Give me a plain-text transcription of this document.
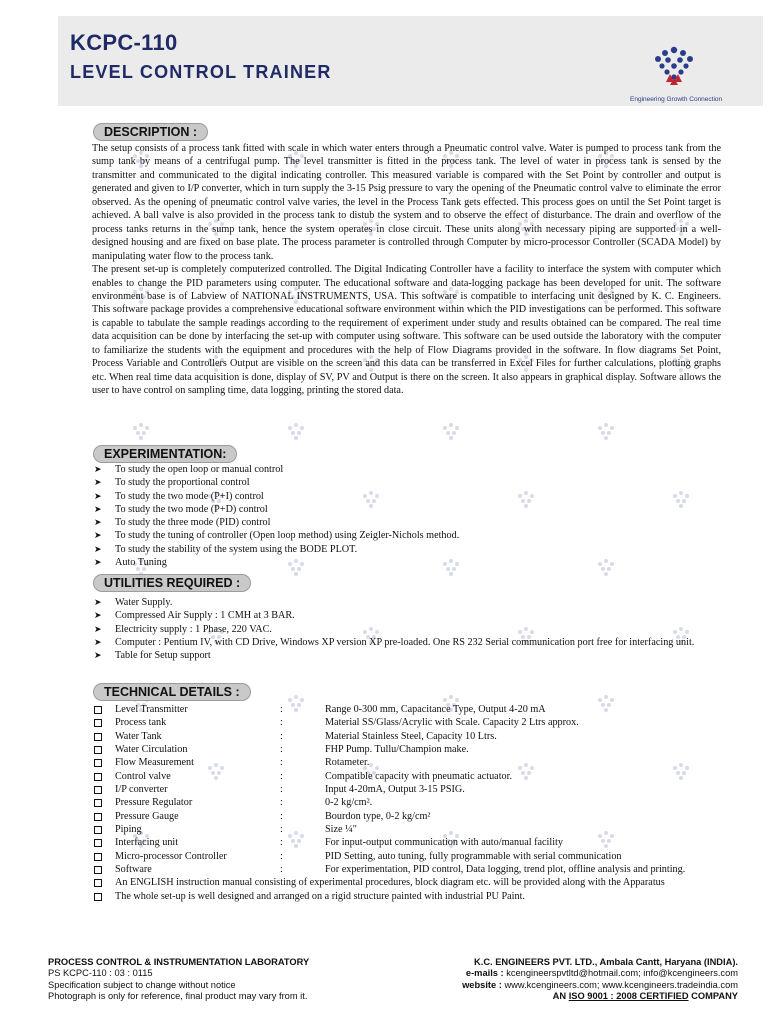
KCPC-110
LEVEL CONTROL TRAINER
Engineering Growth Connection
DESCRIPTION :

The setup consists of a process tank fitted with scale in which water enters through a Pneumatic control valve. Water is pumped to process tank from the sump tank by means of a centrifugal pump. The level transmitter is fitted in the process tank. The level of water in process tank is sensed by the transmitter and communicated to the digital indicating controller. This measured variable is compared with the Set Point by controller and output is generated and given to I/P converter, which in turn supply the 3-15 Psig pressure to vary the opening of the Pneumatic control valve to eliminate the error observed. As the opening of pneumatic control valve varies, the level in the Process Tank gets effected. This process goes on until the Set Point target is achieved. A ball valve is also provided in the process tank to distub the system and to observe the effect of disturbance. The drain and overflow of the process tanks returns in the sump tank, hence the system operates in close circuit. These units along with necessary piping are supported in a well-designed housing and are fixed on base plate. The process parameter is controlled through Computer by micro-processor Controller (SCADA Model) by manipulating water flow to the process tank.

The present set-up is completely computerized controlled. The Digital Indicating Controller have a facility to interface the system with computer which enables to change the PID parameters using computer. The educational software and data-logging package has been developed for unit. The software environment base is of Labview of NATIONAL INSTRUMENTS, USA. This software is compatible to interfacing unit designed by K. C. Engineers. This software package provides a comprehensive educational software environment within which the PID investigations can be performed. This software is capable to tabulate the sample readings according to the requirement of experiment under study and results obtained can be compared. The real time data acquisition can be done by interfacing the set-up with computer using software. This software can be used outside the laboratory with the computer to familiarize the students with the equipment and procedures with the help of Flow Diagrams provided in the software. In flow diagrams Set Point, Process Variable and Controllers Output are visible on the screen and this data can be transferred in Excel Files for further calculations, plotting graphs etc. When real time data acquisition is done, display of SV, PV and Output is there on the screen. It also appears in graphical display. Software allows the user to have control on sampling time, data logging, printing the stored data.

EXPERIMENTATION:
➤ To study the open loop or manual control
➤ To study the proportional control
➤ To study the two mode (P+I) control
➤ To study the two mode (P+D) control
➤ To study the three mode (PID) control
➤ To study the tuning of controller (Open loop method) using Zeigler-Nichols method.
➤ To study the stability of the system using the BODE PLOT.
➤ Auto Tuning
UTILITIES REQUIRED :
➤ Water Supply.
➤ Compressed Air Supply : 1 CMH at 3 BAR.
➤ Electricity supply : 1 Phase, 220 VAC.
➤ Computer : Pentium IV, with CD Drive, Windows XP version XP pre-loaded. One RS 232 Serial communication port free for interfacing unit.
➤ Table for Setup support
TECHNICAL DETAILS :
Level Transmitter	:	Range 0-300 mm, Capacitance Type, Output 4-20 mA
Process tank	:	Material SS/Glass/Acrylic with Scale. Capacity 2 Ltrs approx.
Water Tank	:	Material Stainless Steel, Capacity 10 Ltrs.
Water Circulation	:	FHP Pump. Tullu/Champion make.
Flow Measurement	:	Rotameter.
Control valve	:	Compatible capacity with pneumatic actuator.
I/P converter	:	Input 4-20mA, Output 3-15 PSIG.
Pressure Regulator	:	0-2 kg/cm².
Pressure Gauge	:	Bourdon type, 0-2 kg/cm²
Piping	:	Size ¼"
Interfacing unit	:	For input-output communication with auto/manual facility
Micro-processor Controller	:	PID Setting, auto tuning, fully programmable with serial communication
Software	:	For experimentation, PID control, Data logging, trend plot, offline analysis and printing.
An ENGLISH instruction manual consisting of experimental procedures, block diagram etc. will be provided along with the Apparatus
The whole set-up is well designed and arranged on a rigid structure painted with industrial PU Paint.
PROCESS CONTROL & INSTRUMENTATION LABORATORY
PS KCPC-110 : 03 : 0115
Specification subject to change without notice
Photograph is only for reference, final product may vary from it.
K.C. ENGINEERS PVT. LTD., Ambala Cantt, Haryana (INDIA).
e-mails : kcengineerspvtltd@hotmail.com; info@kcengineers.com
website : www.kcengineers.com; www.kcengineers.tradeindia.com
AN ISO 9001 : 2008 CERTIFIED COMPANY
